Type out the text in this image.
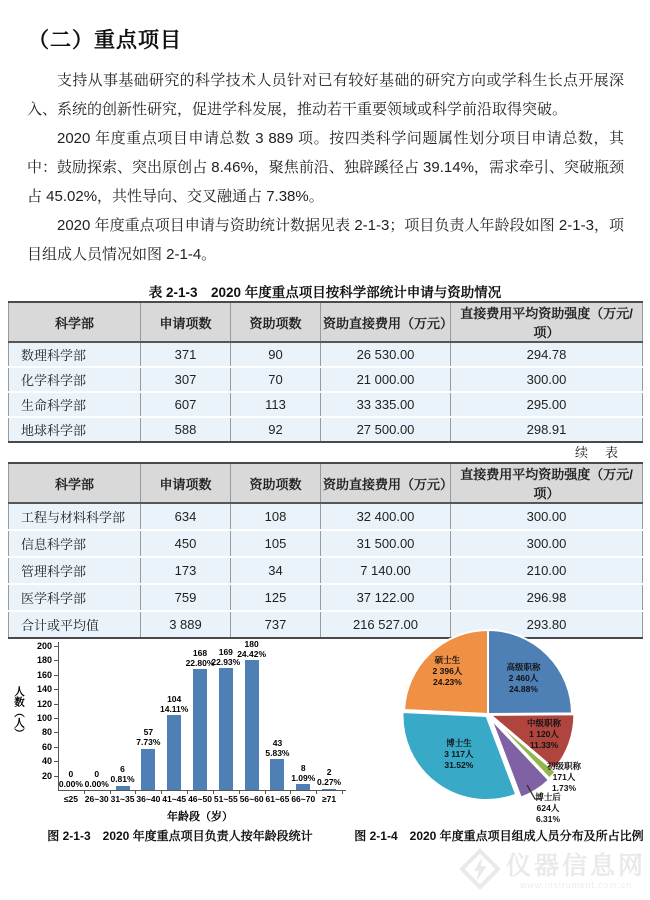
（二）重点项目

支持从事基础研究的科学技术人员针对已有较好基础的研究方向或学科生长点开展深入、系统的创新性研究，促进学科发展，推动若干重要领域或科学前沿取得突破。

2020 年度重点项目申请总数 3 889 项。按四类科学问题属性划分项目申请总数，其中：鼓励探索、突出原创占 8.46%，聚焦前沿、独辟蹊径占 39.14%，需求牵引、突破瓶颈占 45.02%，共性导向、交叉融通占 7.38%。

2020 年度重点项目申请与资助统计数据见表 2-1-3；项目负责人年龄段如图 2-1-3，项目组成人员情况如图 2-1-4。

表 2-1-3　2020 年度重点项目按科学部统计申请与资助情况
科学部	申请项数	资助项数	资助直接费用（万元）	直接费用平均资助强度（万元/项）
数理科学部	371	90	26 530.00	294.78
化学科学部	307	70	21 000.00	300.00
生命科学部	607	113	33 335.00	295.00
地球科学部	588	92	27 500.00	298.91
续　表
科学部	申请项数	资助项数	资助直接费用（万元）	直接费用平均资助强度（万元/项）
工程与材料科学部	634	108	32 400.00	300.00
信息科学部	450	105	31 500.00	300.00
管理科学部	173	34	7 140.00	210.00
医学科学部	759	125	37 122.00	296.98
合计或平均值	3 889	737	216 527.00	293.80
20
40
60
80
100
120
140
160
180
200
人数（人）
0
0.00%
≤25
0
0.00%
26~30
6
0.81%
31~35
57
7.73%
36~40
104
14.11%
41~45
168
22.80%
46~50
169
22.93%
51~55
180
24.42%
56~60
43
5.83%
61~65
8
1.09%
66~70
2
0.27%
≥71
年龄段（岁）
图 2-1-3　2020 年度重点项目负责人按年龄段统计
高级职称
2 460人
24.88%
中级职称
1 120人
11.33%
初级职称
171人
1.73%
博士后
624人
6.31%
博士生
3 117人
31.52%
硕士生
2 396人
24.23%
图 2-1-4　2020 年度重点项目组成人员分布及所占比例
仪器信息网
www.instrument.com.cn
